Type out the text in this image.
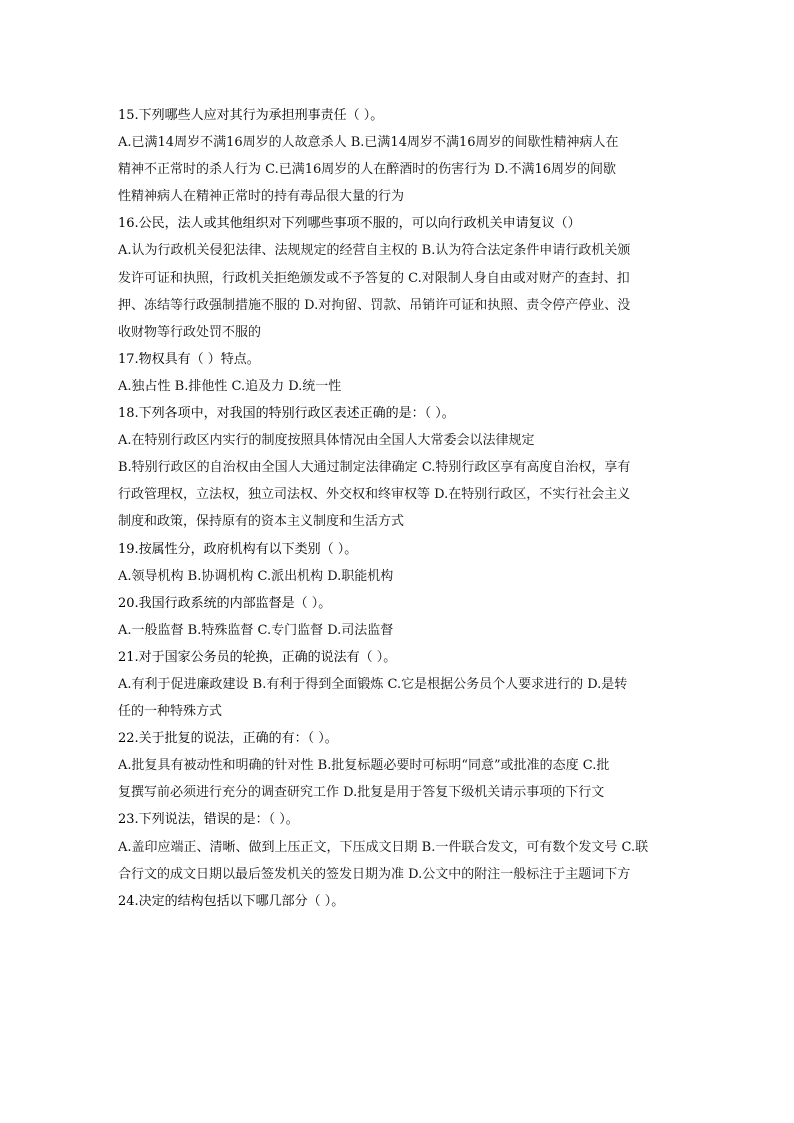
15.下列哪些人应对其行为承担刑事责任（ ）。
A.已满14周岁不满16周岁的人故意杀人 B.已满14周岁不满16周岁的间歇性精神病人在
精神不正常时的杀人行为 C.已满16周岁的人在醉酒时的伤害行为 D.不满16周岁的间歇
性精神病人在精神正常时的持有毒品很大量的行为
16.公民，法人或其他组织对下列哪些事项不服的，可以向行政机关申请复议（）
A.认为行政机关侵犯法律、法规规定的经营自主权的 B.认为符合法定条件申请行政机关颁
发许可证和执照，行政机关拒绝颁发或不予答复的 C.对限制人身自由或对财产的查封、扣
押、冻结等行政强制措施不服的 D.对拘留、罚款、吊销许可证和执照、责令停产停业、没
收财物等行政处罚不服的
17.物权具有（ ）特点。
A.独占性 B.排他性 C.追及力 D.统一性
18.下列各项中，对我国的特别行政区表述正确的是：（ ）。
A.在特别行政区内实行的制度按照具体情况由全国人大常委会以法律规定
B.特别行政区的自治权由全国人大通过制定法律确定 C.特别行政区享有高度自治权，享有
行政管理权，立法权，独立司法权、外交权和终审权等 D.在特别行政区，不实行社会主义
制度和政策，保持原有的资本主义制度和生活方式
19.按属性分，政府机构有以下类别（ ）。
A.领导机构 B.协调机构 C.派出机构 D.职能机构
20.我国行政系统的内部监督是（ ）。
A.一般监督 B.特殊监督 C.专门监督 D.司法监督
21.对于国家公务员的轮换，正确的说法有（ ）。
A.有利于促进廉政建设 B.有利于得到全面锻炼 C.它是根据公务员个人要求进行的 D.是转
任的一种特殊方式
22.关于批复的说法，正确的有：（ ）。
A.批复具有被动性和明确的针对性 B.批复标题必要时可标明“同意”或批准的态度 C.批
复撰写前必须进行充分的调查研究工作 D.批复是用于答复下级机关请示事项的下行文
23.下列说法，错误的是：（ ）。
A.盖印应端正、清晰、做到上压正文，下压成文日期 B.一件联合发文，可有数个发文号 C.联
合行文的成文日期以最后签发机关的签发日期为准 D.公文中的附注一般标注于主题词下方
24.决定的结构包括以下哪几部分（ ）。
